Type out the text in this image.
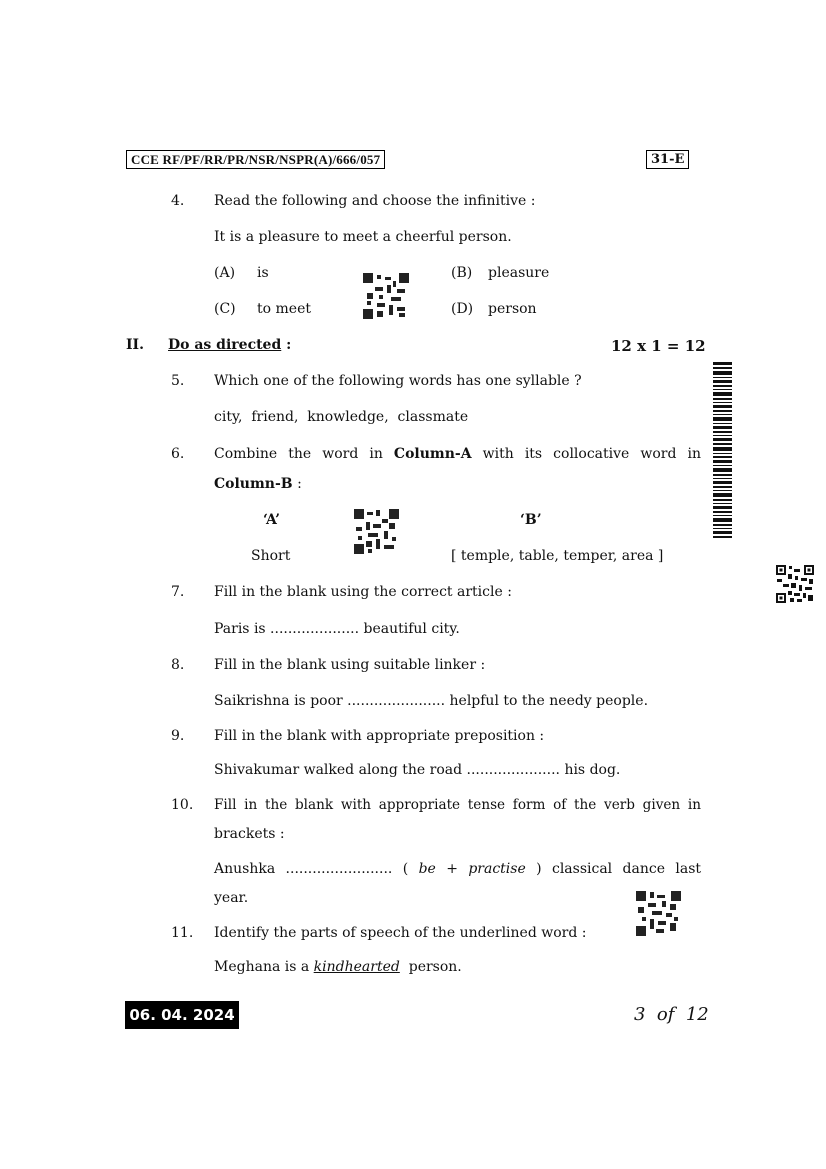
CCE RF/PF/RR/PR/NSR/NSPR(A)/666/057	31-E
4. Read the following and choose the infinitive :
It is a pleasure to meet a cheerful person.
(A) is	(B) pleasure
(C) to meet	(D) person
II. Do as directed :	12 x 1 = 12
5. Which one of the following words has one syllable ?
city,  friend,  knowledge,  classmate
6. Combine the word in Column-A with its collocative word in
Column-B :
‘A’	‘B’
Short	[ temple, table, temper, area ]
7. Fill in the blank using the correct article :
Paris is .................... beautiful city.
8. Fill in the blank using suitable linker :
Saikrishna is poor ...................... helpful to the needy people.
9. Fill in the blank with appropriate preposition :
Shivakumar walked along the road ..................... his dog.
10. Fill in the blank with appropriate tense form of the verb given in
brackets :
Anushka ........................ ( be + practise ) classical dance last
year.
11. Identify the parts of speech of the underlined word :
Meghana is a kindhearted person.
06. 04. 2024	3  of  12
